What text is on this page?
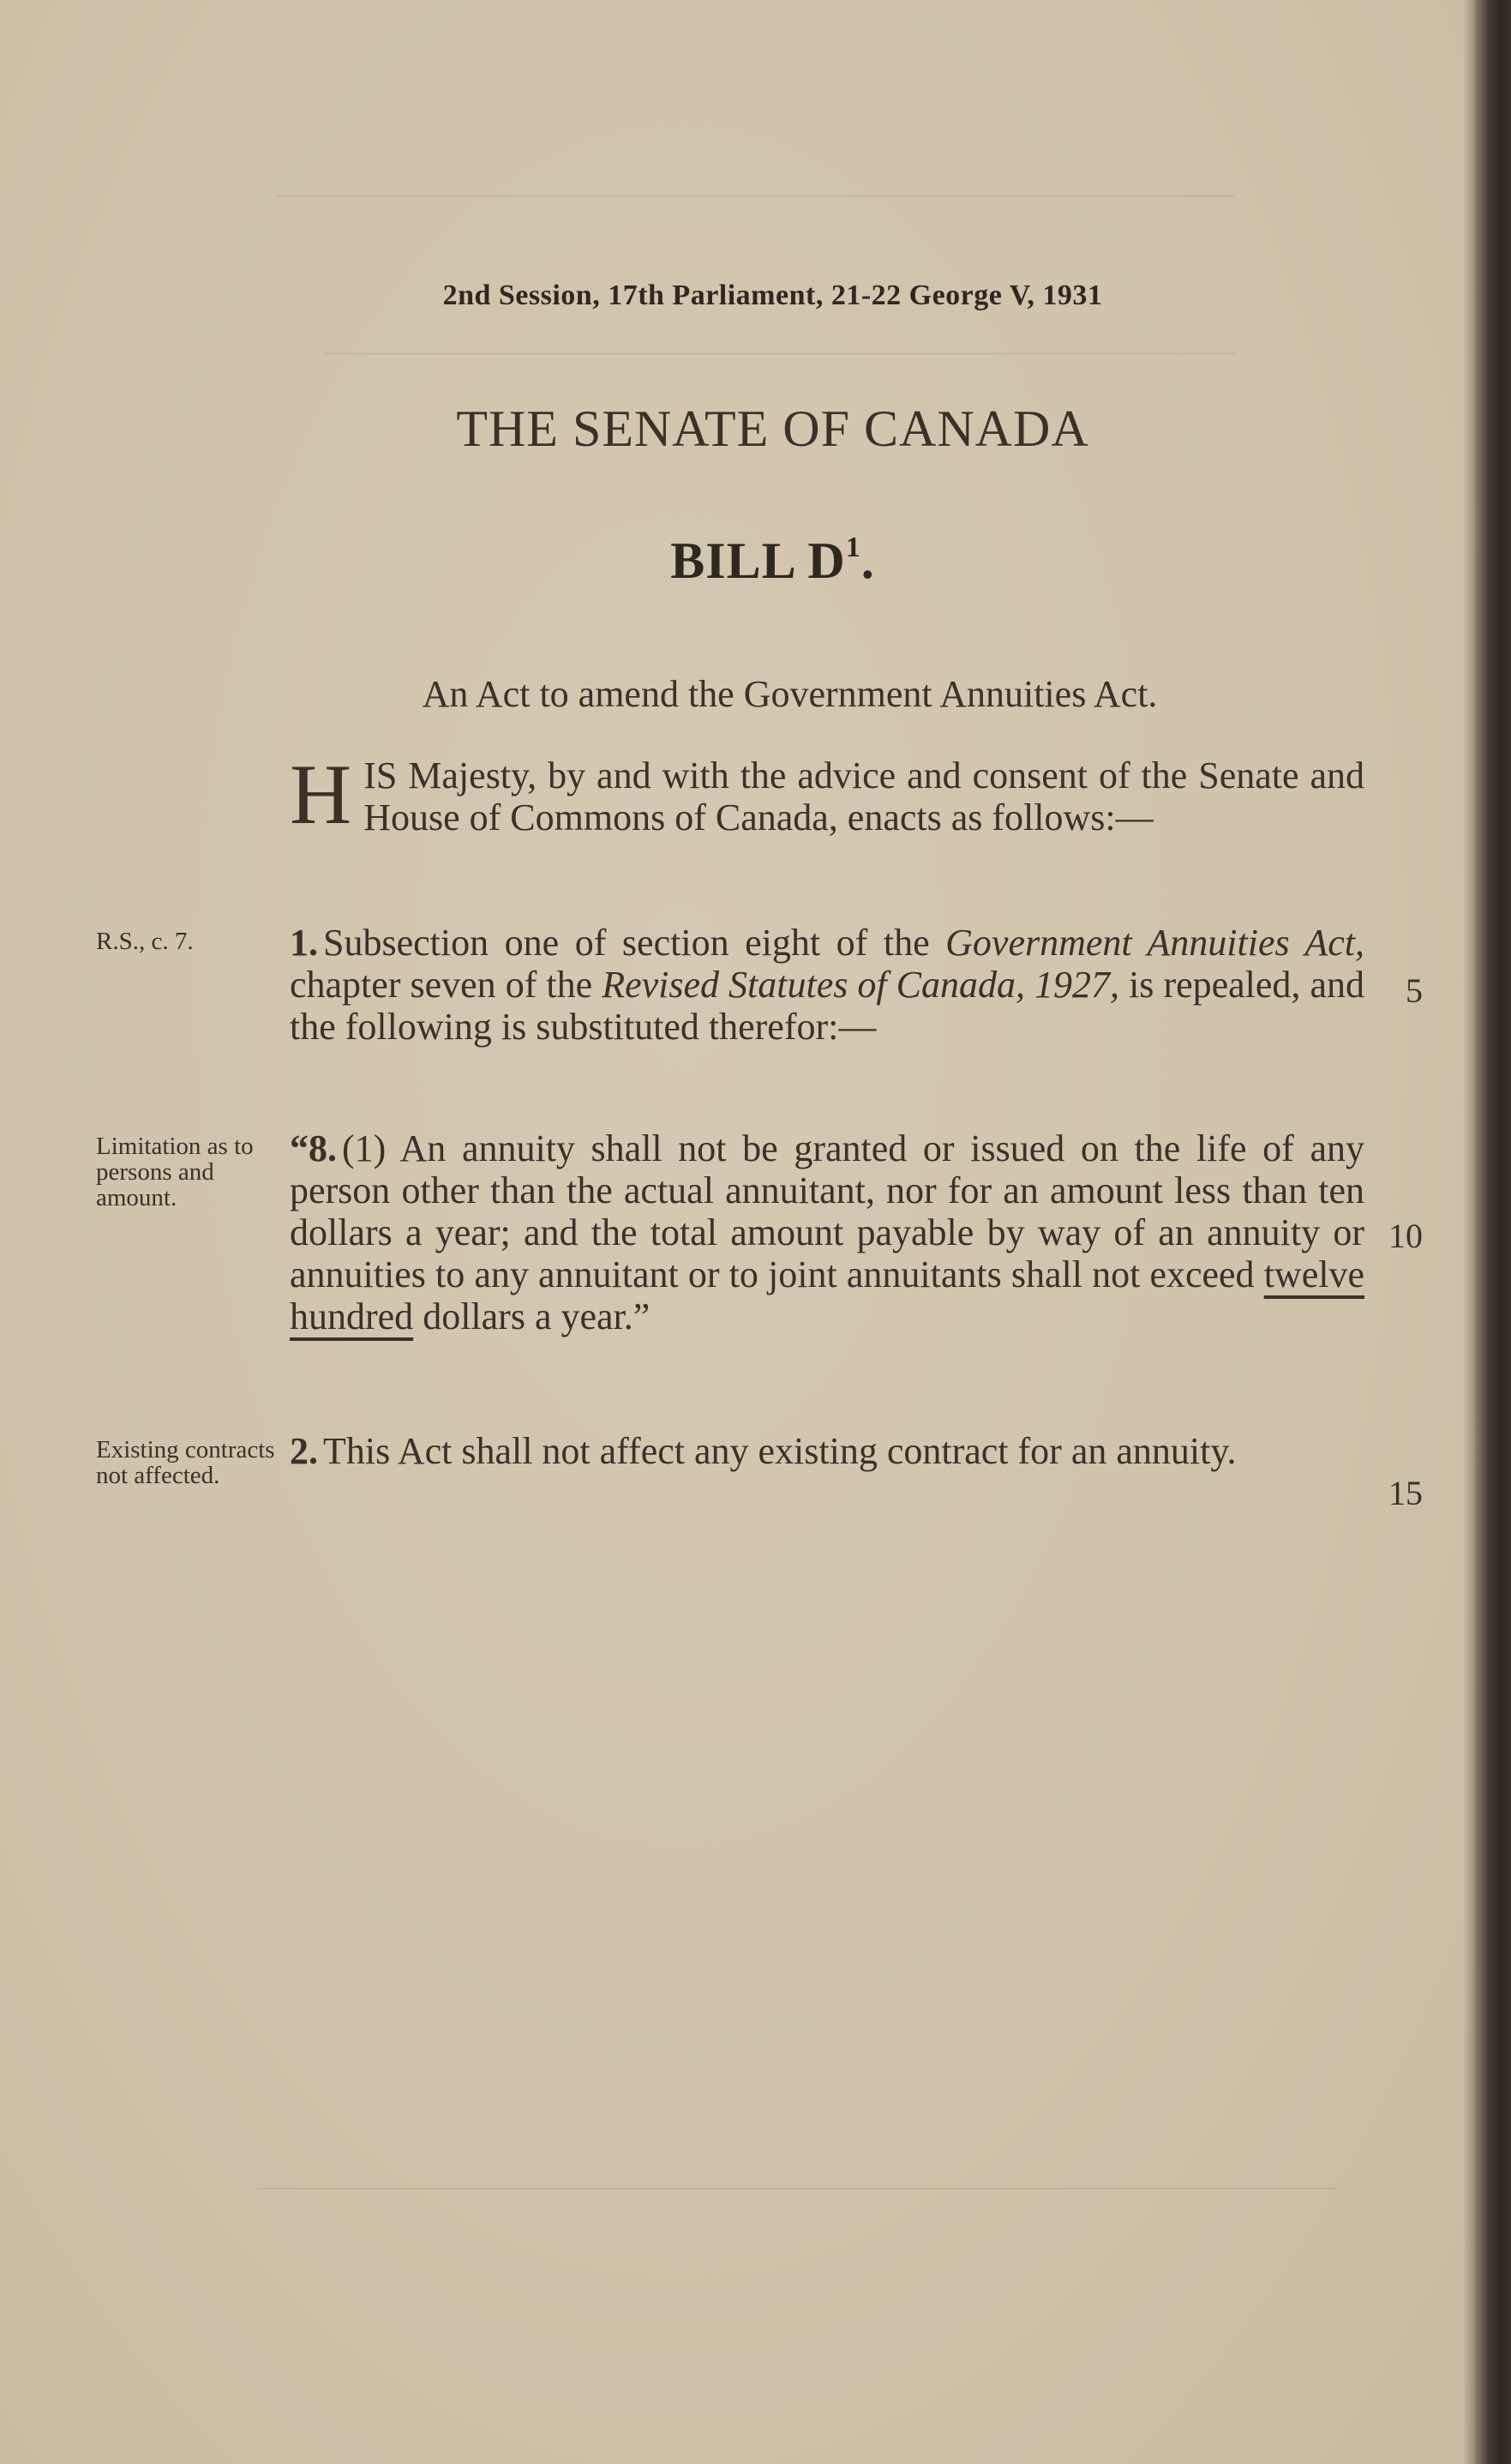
2nd Session, 17th Parliament, 21-22 George V, 1931
THE SENATE OF CANADA
BILL $D^1$.
An Act to amend the Government Annuities Act.
HIS Majesty, by and with the advice and consent of the Senate and House of Commons of Canada, enacts as follows:—
R.S., c. 7.	1. Subsection one of section eight of the Government Annuities Act, chapter seven of the Revised Statutes of Canada, 1927, is repealed, and the following is substituted therefor:—
5
Limitation as to persons and amount.
“8. (1) An annuity shall not be granted or issued on the life of any person other than the actual annuitant, nor for an amount less than ten dollars a year; and the total amount payable by way of an annuity or annuities to any annuitant or to joint annuitants shall not exceed twelve hundred dollars a year.”
10
Existing contracts not affected.
2. This Act shall not affect any existing contract for an annuity.
15
